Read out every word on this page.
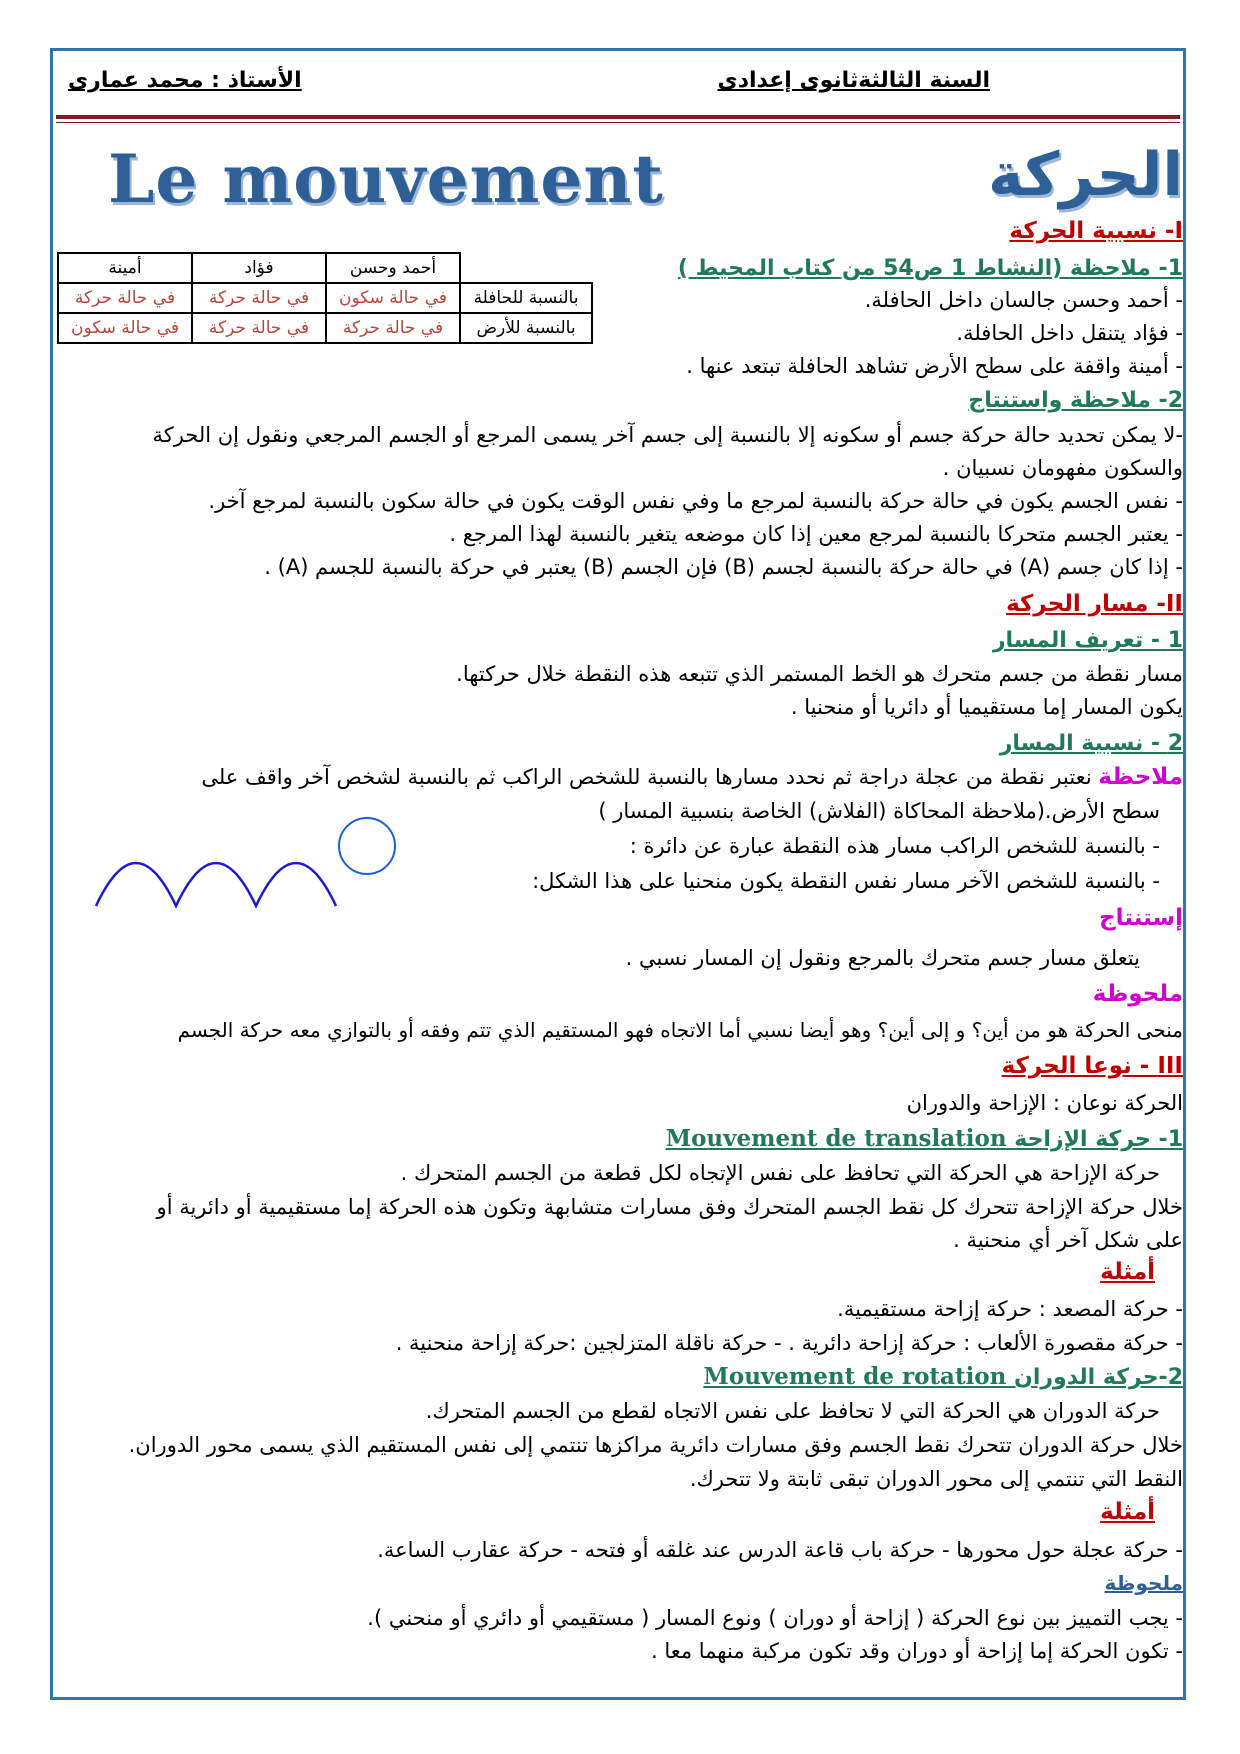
السنة الثالثةثانوى إعدادى
الأستاذ : محمد عمارى
Le mouvement	الحركة
I- نسبية الحركة
1- ملاحظة (النشاط 1 ص54 من كتاب المحيط )
- أحمد وحسن جالسان داخل الحافلة.
- فؤاد يتنقل داخل الحافلة.
- أمينة واقفة على سطح الأرض تشاهد الحافلة تبتعد عنها .
	أحمد وحسن	فؤاد	أمينة
بالنسبة للحافلة	في حالة سكون	في حالة حركة	في حالة حركة
بالنسبة للأرض	في حالة حركة	في حالة حركة	في حالة سكون
2- ملاحظة واستنتاج
-لا يمكن تحديد حالة حركة جسم أو سكونه إلا بالنسبة إلى جسم آخر يسمى المرجع أو الجسم المرجعي ونقول إن الحركة
والسكون مفهومان نسبيان .
- نفس الجسم يكون في حالة حركة بالنسبة لمرجع ما وفي نفس الوقت يكون في حالة سكون بالنسبة لمرجع آخر.
- يعتبر الجسم متحركا بالنسبة لمرجع معين إذا كان موضعه يتغير بالنسبة لهذا المرجع .
- إذا كان جسم (A) في حالة حركة بالنسبة لجسم (B) فإن الجسم (B) يعتبر في حركة بالنسبة للجسم (A) .
II- مسار الحركة
1 - تعريف المسار
مسار نقطة من جسم متحرك هو الخط المستمر الذي تتبعه هذه النقطة خلال حركتها.
يكون المسار إما مستقيميا أو دائريا أو منحنيا .
2 - نسبية المسار
ملاحظة نعتبر نقطة من عجلة دراجة ثم نحدد مسارها بالنسبة للشخص الراكب ثم بالنسبة لشخص آخر واقف على
سطح الأرض.(ملاحظة المحاكاة (الفلاش) الخاصة بنسبية المسار )
- بالنسبة للشخص الراكب مسار هذه النقطة عبارة عن دائرة :
- بالنسبة للشخص الآخر مسار نفس النقطة يكون منحنيا على هذا الشكل:
إستنتاج
يتعلق مسار جسم متحرك بالمرجع ونقول إن المسار نسبي .
ملحوظة
منحى الحركة هو من أين؟ و إلى أين؟ وهو أيضا نسبي أما الاتجاه فهو المستقيم الذي تتم وفقه أو بالتوازي معه حركة الجسم
III - نوعا الحركة
الحركة نوعان : الإزاحة والدوران
1- حركة الإزاحة Mouvement de translation
حركة الإزاحة هي الحركة التي تحافظ على نفس الإتجاه لكل قطعة من الجسم المتحرك .
خلال حركة الإزاحة تتحرك كل نقط الجسم المتحرك وفق مسارات متشابهة وتكون هذه الحركة إما مستقيمية أو دائرية أو
على شكل آخر أي منحنية .
أمثلة
- حركة المصعد : حركة إزاحة مستقيمية.
- حركة مقصورة الألعاب : حركة إزاحة دائرية . - حركة ناقلة المتزلجين :حركة إزاحة منحنية .
2-حركة الدوران Mouvement de rotation
حركة الدوران هي الحركة التي لا تحافظ على نفس الاتجاه لقطع من الجسم المتحرك.
خلال حركة الدوران تتحرك نقط الجسم وفق مسارات دائرية مراكزها تنتمي إلى نفس المستقيم الذي يسمى محور الدوران.
النقط التي تنتمي إلى محور الدوران تبقى ثابتة ولا تتحرك.
أمثلة
- حركة عجلة حول محورها - حركة باب قاعة الدرس عند غلقه أو فتحه - حركة عقارب الساعة.
ملحوظة
- يجب التمييز بين نوع الحركة ( إزاحة أو دوران ) ونوع المسار ( مستقيمي أو دائري أو منحني ).
- تكون الحركة إما إزاحة أو دوران وقد تكون مركبة منهما معا .
